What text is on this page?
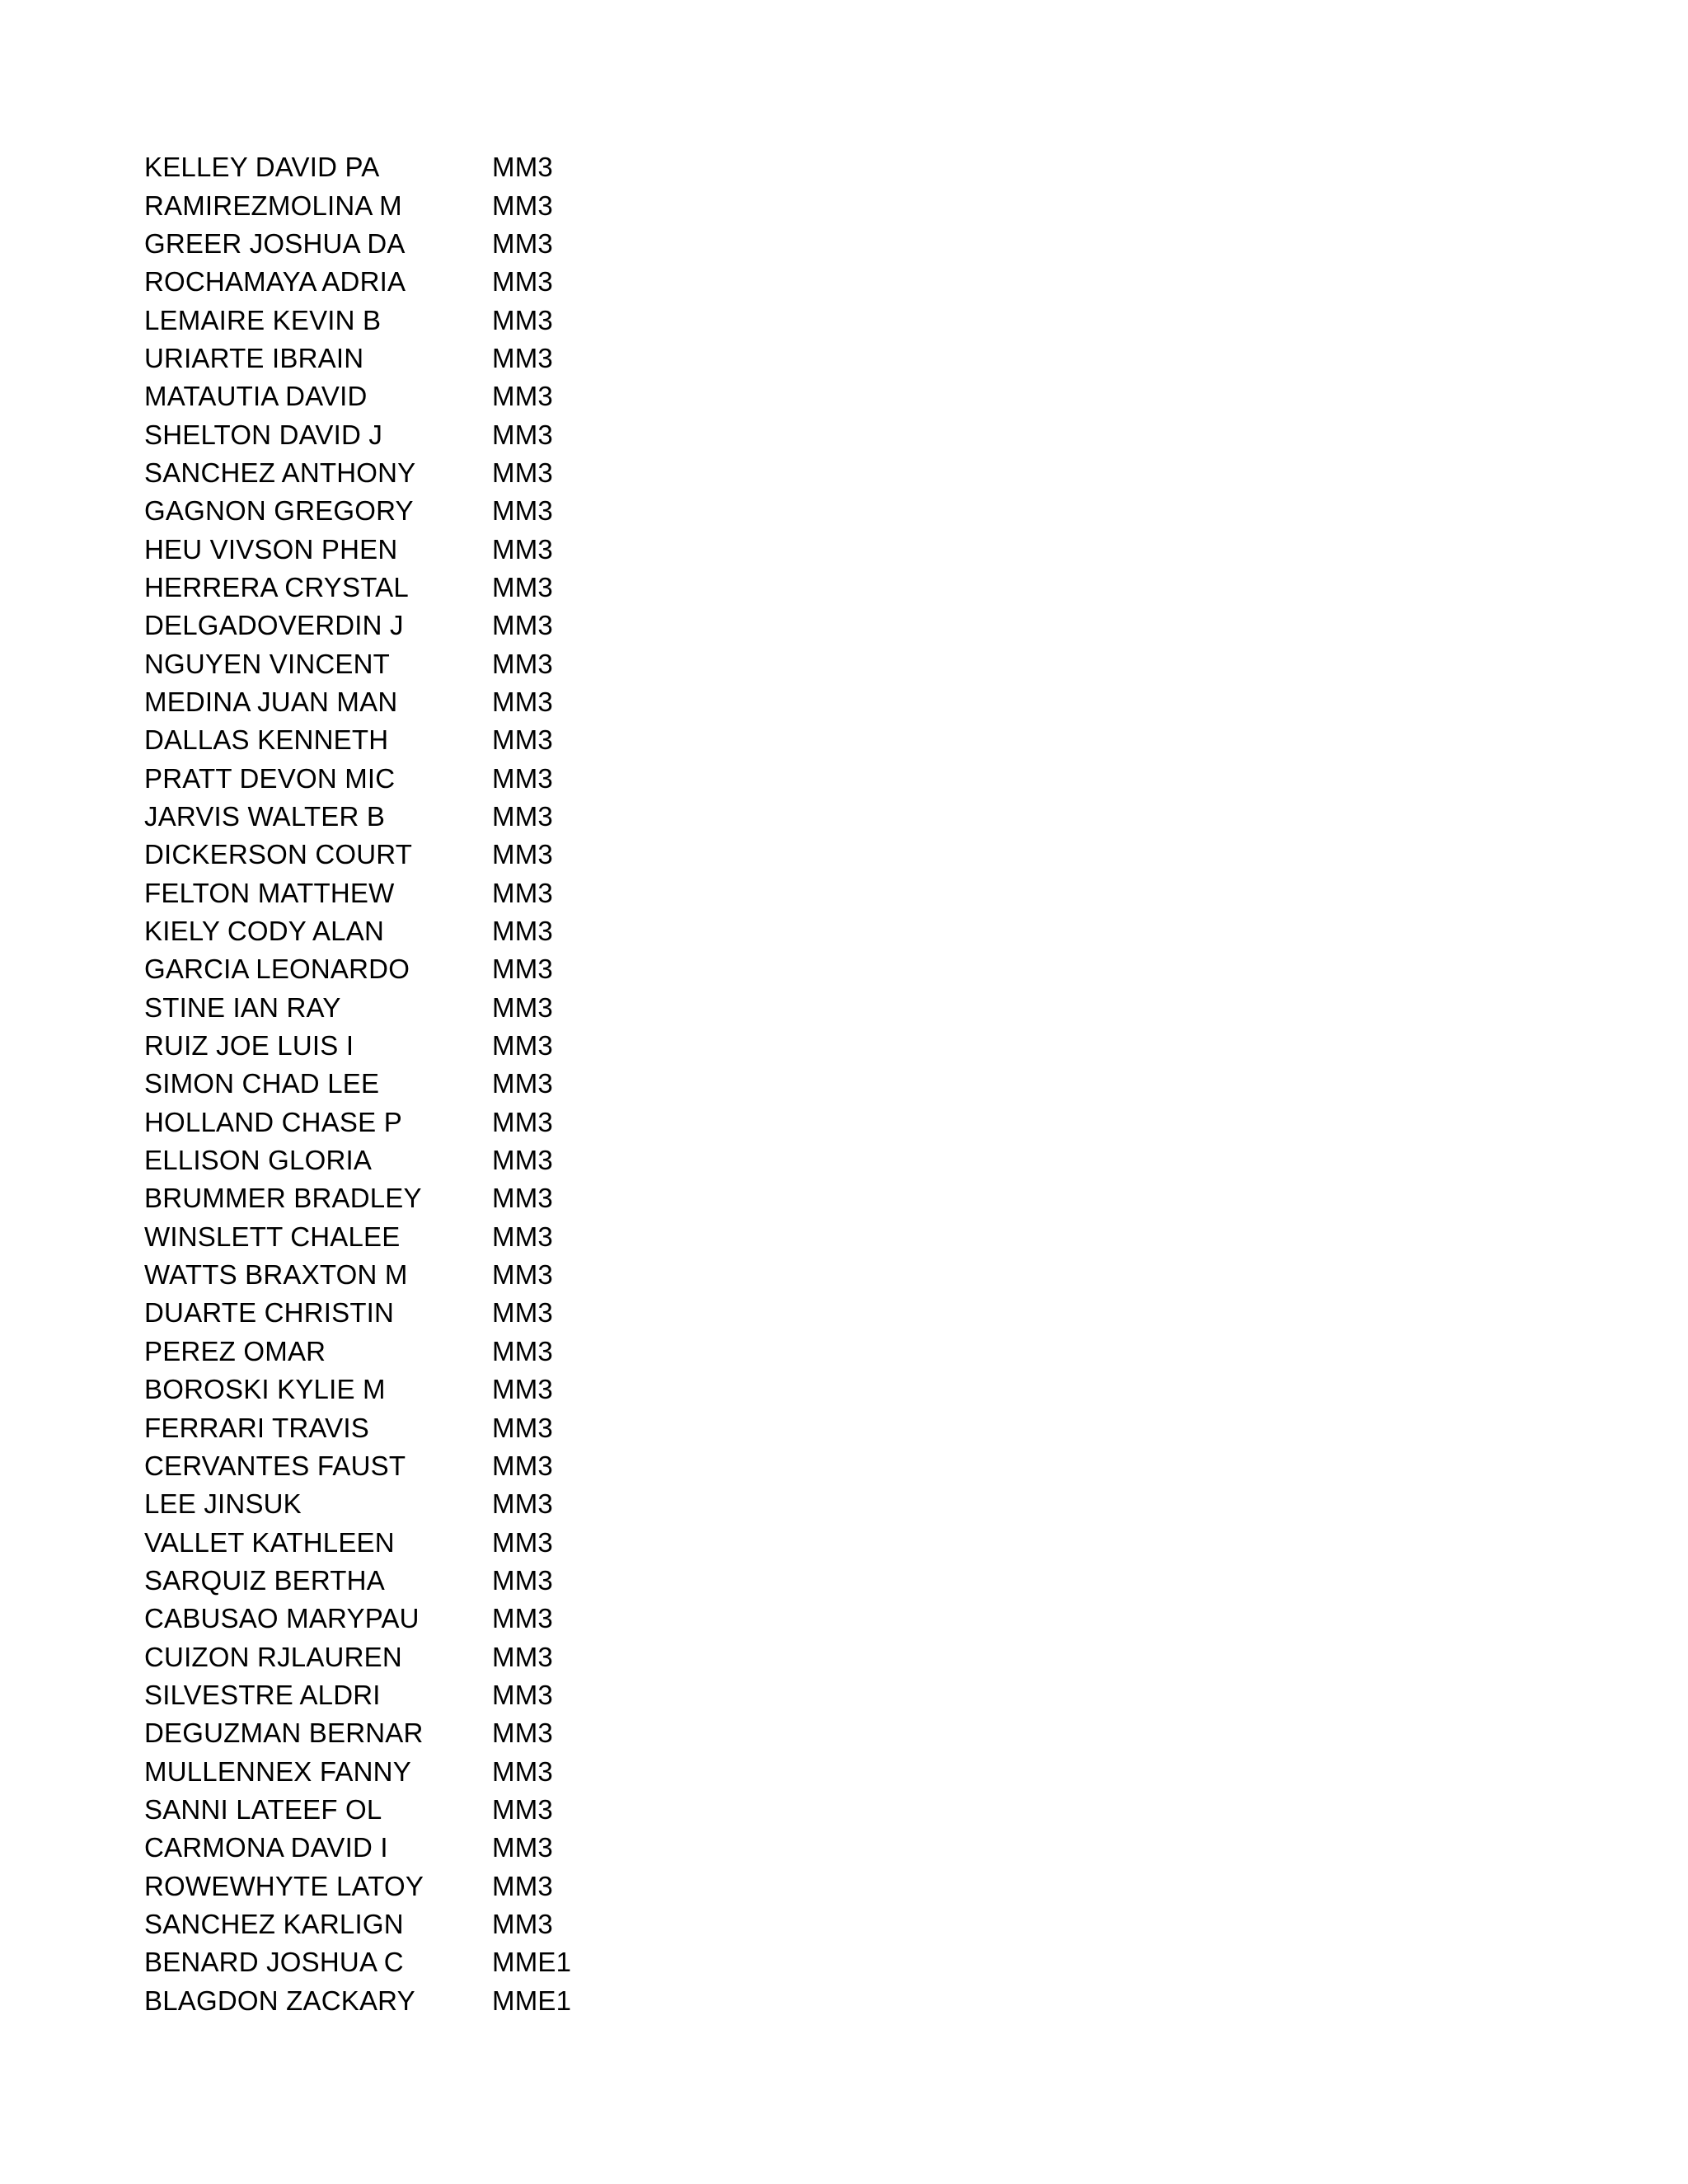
KELLEY DAVID PA	MM3
RAMIREZMOLINA M	MM3
GREER JOSHUA DA	MM3
ROCHAMAYA ADRIA	MM3
LEMAIRE KEVIN B	MM3
URIARTE IBRAIN	MM3
MATAUTIA DAVID	MM3
SHELTON DAVID J	MM3
SANCHEZ ANTHONY	MM3
GAGNON GREGORY	MM3
HEU VIVSON PHEN	MM3
HERRERA CRYSTAL	MM3
DELGADOVERDIN J	MM3
NGUYEN VINCENT	MM3
MEDINA JUAN MAN	MM3
DALLAS KENNETH	MM3
PRATT DEVON MIC	MM3
JARVIS WALTER B	MM3
DICKERSON COURT	MM3
FELTON MATTHEW	MM3
KIELY CODY ALAN	MM3
GARCIA LEONARDO	MM3
STINE IAN RAY	MM3
RUIZ JOE LUIS I	MM3
SIMON CHAD LEE	MM3
HOLLAND CHASE P	MM3
ELLISON GLORIA	MM3
BRUMMER BRADLEY	MM3
WINSLETT CHALEE	MM3
WATTS BRAXTON M	MM3
DUARTE CHRISTIN	MM3
PEREZ OMAR	MM3
BOROSKI KYLIE M	MM3
FERRARI TRAVIS	MM3
CERVANTES FAUST	MM3
LEE JINSUK	MM3
VALLET KATHLEEN	MM3
SARQUIZ BERTHA	MM3
CABUSAO MARYPAU	MM3
CUIZON RJLAUREN	MM3
SILVESTRE ALDRI	MM3
DEGUZMAN BERNAR	MM3
MULLENNEX FANNY	MM3
SANNI LATEEF OL	MM3
CARMONA DAVID I	MM3
ROWEWHYTE LATOY	MM3
SANCHEZ KARLIGN	MM3
BENARD JOSHUA C	MME1
BLAGDON ZACKARY	MME1
